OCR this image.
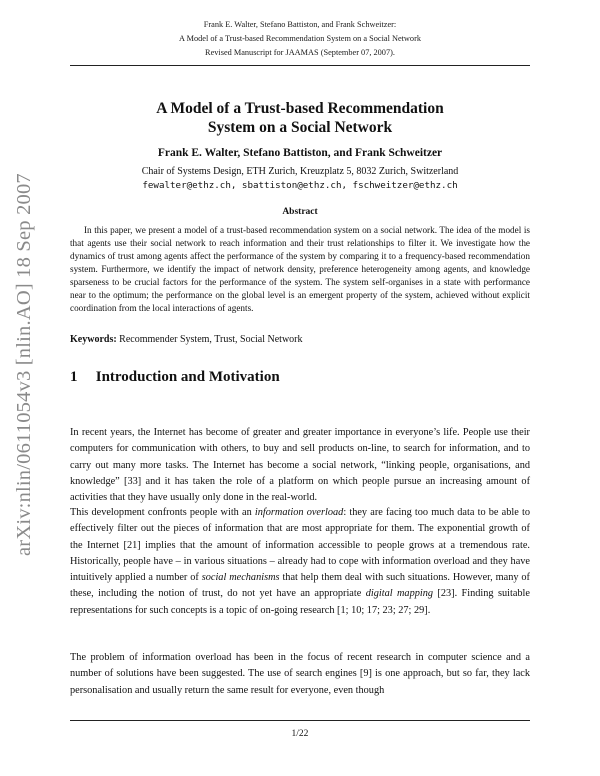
Frank E. Walter, Stefano Battiston, and Frank Schweitzer:
A Model of a Trust-based Recommendation System on a Social Network
Revised Manuscript for JAAMAS (September 07, 2007).
arXiv:nlin/0611054v3 [nlin.AO] 18 Sep 2007
A Model of a Trust-based Recommendation
System on a Social Network
Frank E. Walter, Stefano Battiston, and Frank Schweitzer
Chair of Systems Design, ETH Zurich, Kreuzplatz 5, 8032 Zurich, Switzerland
fewalter@ethz.ch, sbattiston@ethz.ch, fschweitzer@ethz.ch
Abstract

In this paper, we present a model of a trust-based recommendation system on a social network. The idea of the model is that agents use their social network to reach information and their trust relationships to filter it. We investigate how the dynamics of trust among agents affect the performance of the system by comparing it to a frequency-based recommendation system. Furthermore, we identify the impact of network density, preference heterogeneity among agents, and knowledge sparseness to be crucial factors for the performance of the system. The system self-organises in a state with performance near to the optimum; the performance on the global level is an emergent property of the system, achieved without explicit coordination from the local interactions of agents.

Keywords: Recommender System, Trust, Social Network
1 Introduction and Motivation

In recent years, the Internet has become of greater and greater importance in everyone’s life. People use their computers for communication with others, to buy and sell products on-line, to search for information, and to carry out many more tasks. The Internet has become a social network, “linking people, organisations, and knowledge” [33] and it has taken the role of a platform on which people pursue an increasing amount of activities that they have usually only done in the real-world.

This development confronts people with an information overload: they are facing too much data to be able to effectively filter out the pieces of information that are most appropriate for them. The exponential growth of the Internet [21] implies that the amount of information accessible to people grows at a tremendous rate. Historically, people have – in various situations – already had to cope with information overload and they have intuitively applied a number of social mechanisms that help them deal with such situations. However, many of these, including the notion of trust, do not yet have an appropriate digital mapping [23]. Finding suitable representations for such concepts is a topic of on-going research [1; 10; 17; 23; 27; 29].

The problem of information overload has been in the focus of recent research in computer science and a number of solutions have been suggested. The use of search engines [9] is one approach, but so far, they lack personalisation and usually return the same result for everyone, even though

1/22
